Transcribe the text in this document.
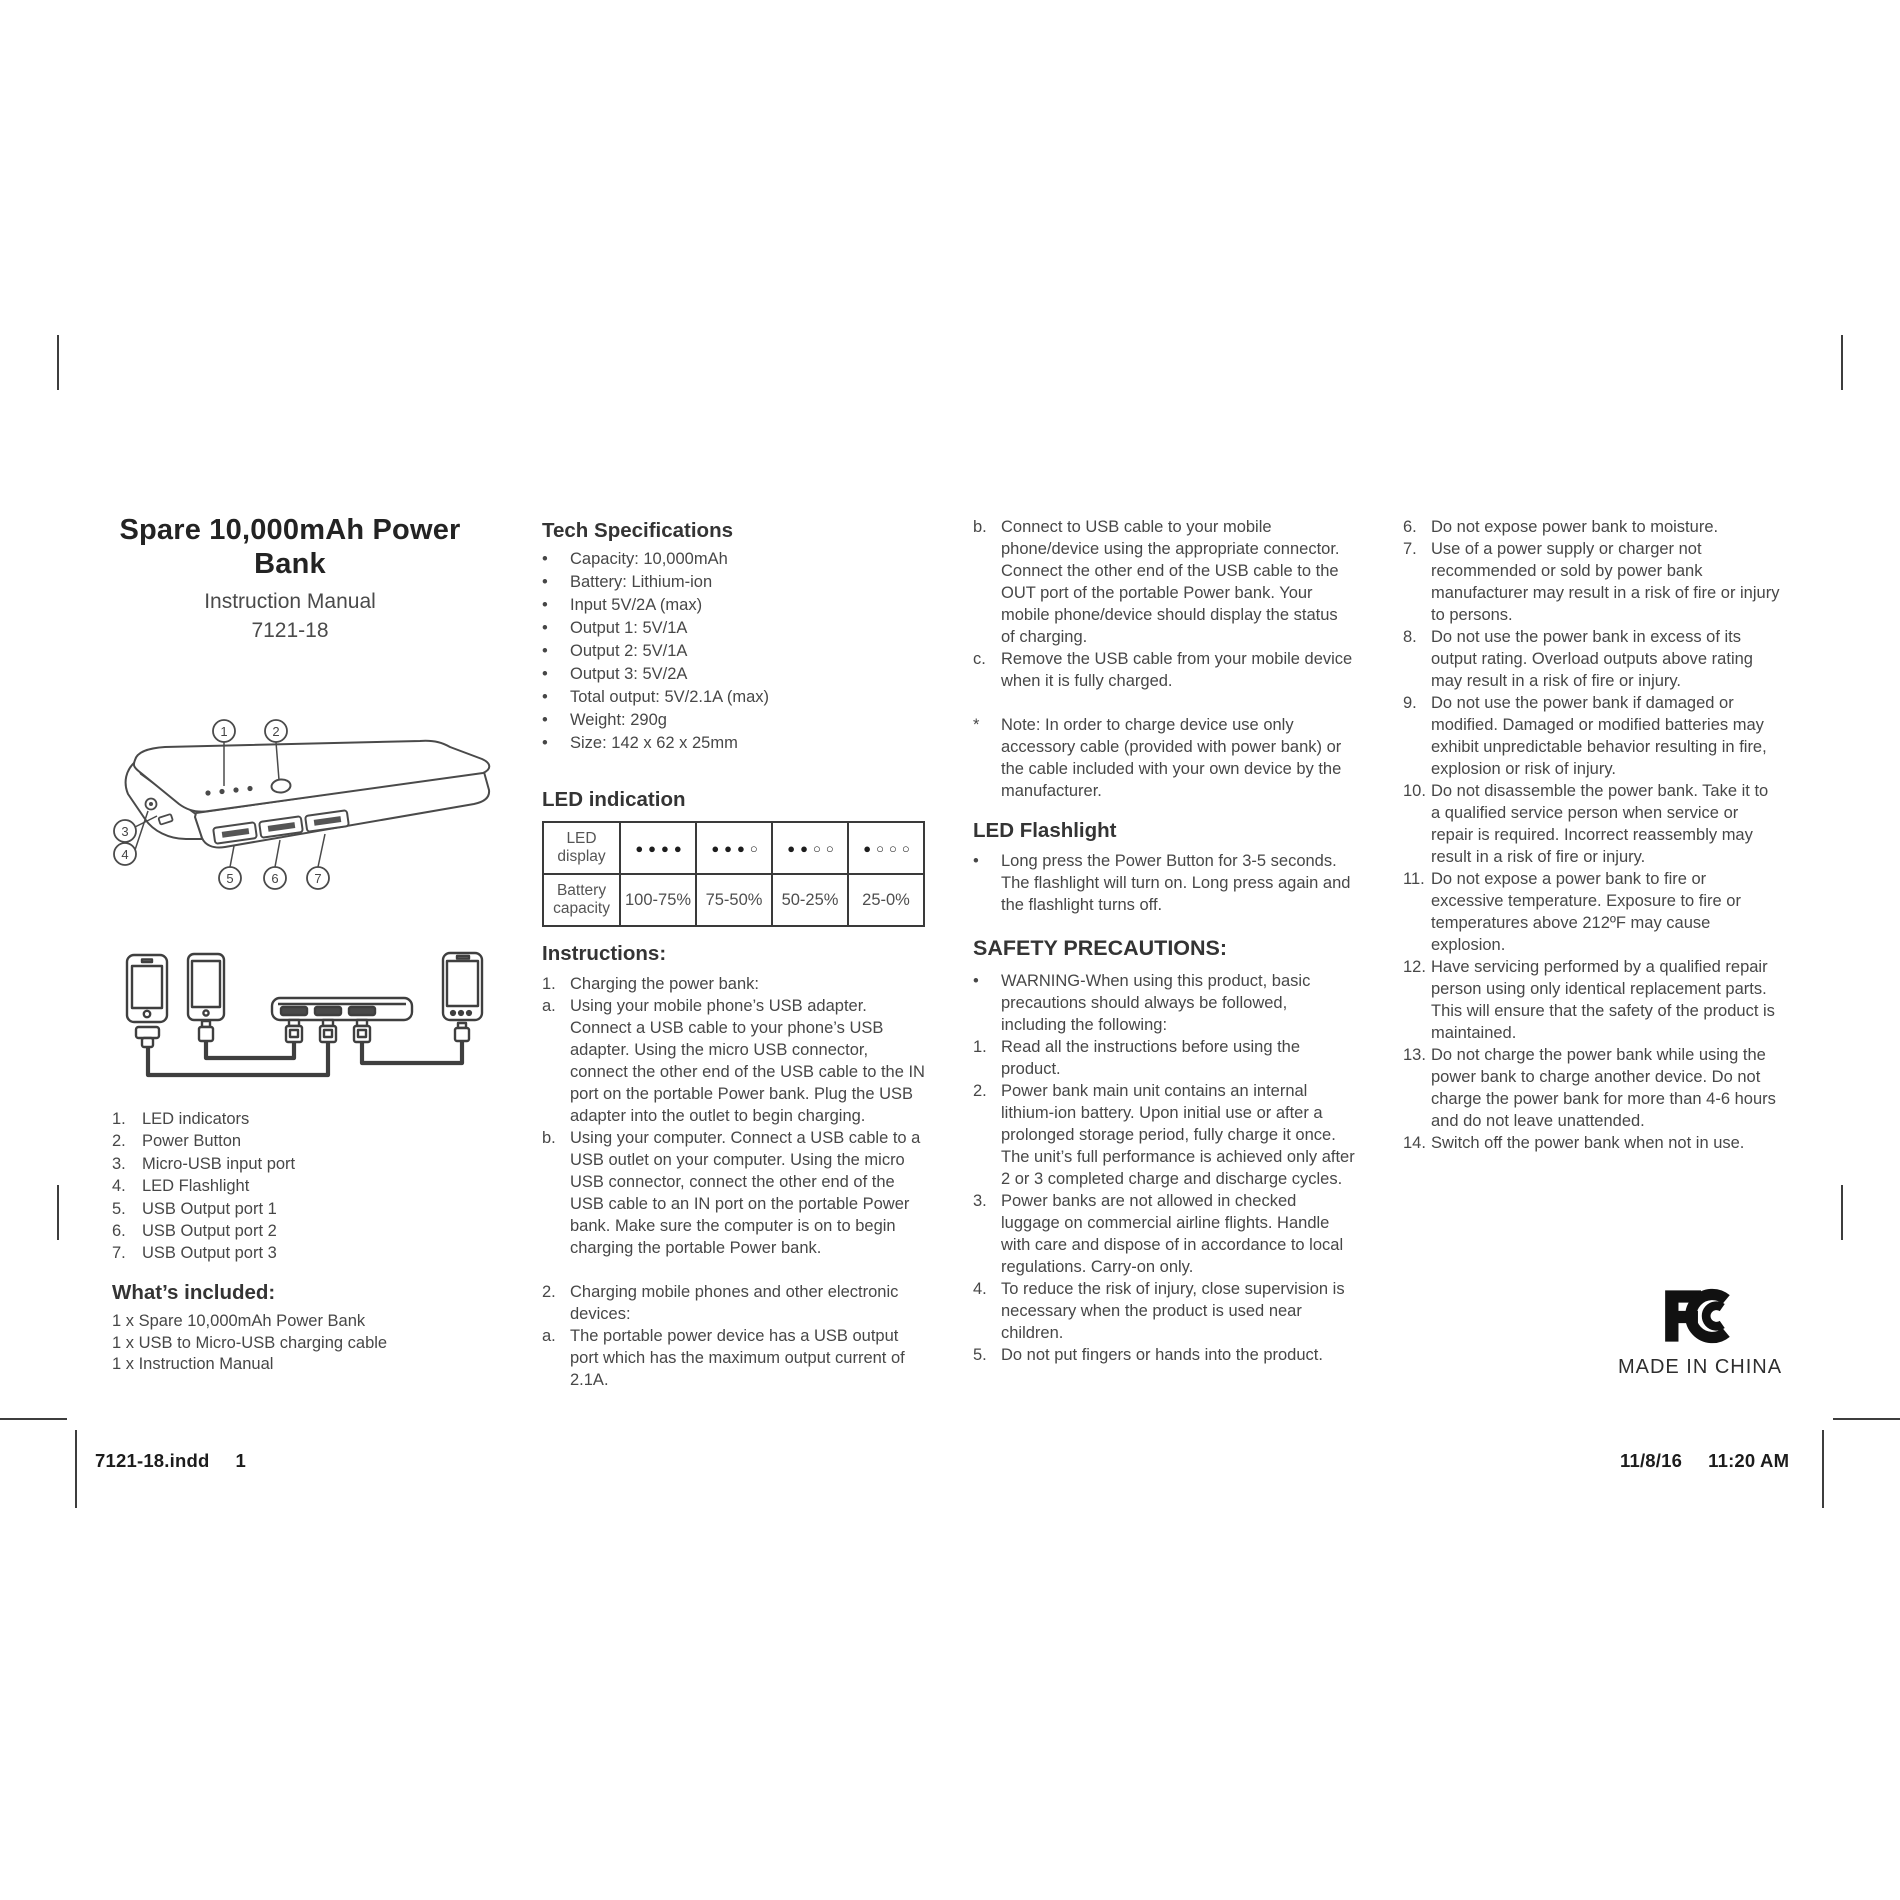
Spare 10,000mAh Power
Bank
Instruction Manual
7121-18
1	2
3
4
5	6	7
1. LED indicators
2. Power Button
3. Micro-USB input port
4. LED Flashlight
5. USB Output port 1
6. USB Output port 2
7. USB Output port 3
What’s included:
1 x Spare 10,000mAh Power Bank
1 x USB to Micro-USB charging cable
1 x Instruction Manual
Tech Specifications
•	Capacity: 10,000mAh
•	Battery: Lithium-ion
•	Input 5V/2A (max)
•	Output 1: 5V/1A
•	Output 2: 5V/1A
•	Output 3: 5V/2A
•	Total output: 5V/2.1A (max)
•	Weight: 290g
•	Size: 142 x 62 x 25mm
LED indication
LED display	●●●●	●●●○	●●○○	●○○○
Battery capacity	100-75%	75-50%	50-25%	25-0%
Instructions:
1. Charging the power bank:
a. Using your mobile phone’s USB adapter. Connect a USB cable to your phone’s USB adapter. Using the micro USB connector, connect the other end of the USB cable to the IN port on the portable Power bank. Plug the USB adapter into the outlet to begin charging.
b. Using your computer. Connect a USB cable to a USB outlet on your computer. Using the micro USB connector, connect the other end of the USB cable to an IN port on the portable Power bank. Make sure the computer is on to begin charging the portable Power bank.
2. Charging mobile phones and other electronic devices:
a. The portable power device has a USB output port which has the maximum output current of 2.1A.
b. Connect to USB cable to your mobile phone/device using the appropriate connector. Connect the other end of the USB cable to the OUT port of the portable Power bank. Your mobile phone/device should display the status of charging.
c. Remove the USB cable from your mobile device when it is fully charged.
*	Note: In order to charge device use only accessory cable (provided with power bank) or the cable included with your own device by the manufacturer.
LED Flashlight
•	Long press the Power Button for 3-5 seconds. The flashlight will turn on. Long press again and the flashlight turns off.
SAFETY PRECAUTIONS:
•	WARNING-When using this product, basic precautions should always be followed, including the following:
1. Read all the instructions before using the product.
2. Power bank main unit contains an internal lithium-ion battery. Upon initial use or after a prolonged storage period, fully charge it once. The unit’s full performance is achieved only after 2 or 3 completed charge and discharge cycles.
3. Power banks are not allowed in checked luggage on commercial airline flights. Handle with care and dispose of in accordance to local regulations. Carry-on only.
4. To reduce the risk of injury, close supervision is necessary when the product is used near children.
5. Do not put fingers or hands into the product.
6. Do not expose power bank to moisture.
7. Use of a power supply or charger not recommended or sold by power bank manufacturer may result in a risk of fire or injury to persons.
8. Do not use the power bank in excess of its output rating. Overload outputs above rating may result in a risk of fire or injury.
9. Do not use the power bank if damaged or modified. Damaged or modified batteries may exhibit unpredictable behavior resulting in fire, explosion or risk of injury.
10. Do not disassemble the power bank. Take it to a qualified service person when service or repair is required. Incorrect reassembly may result in a risk of fire or injury.
11. Do not expose a power bank to fire or excessive temperature. Exposure to fire or temperatures above 212ºF may cause explosion.
12. Have servicing performed by a qualified repair person using only identical replacement parts. This will ensure that the safety of the product is maintained.
13. Do not charge the power bank while using the power bank to charge another device. Do not charge the power bank for more than 4-6 hours and do not leave unattended.
14. Switch off the power bank when not in use.
MADE IN CHINA
7121-18.indd 1	11/8/16 11:20 AM
